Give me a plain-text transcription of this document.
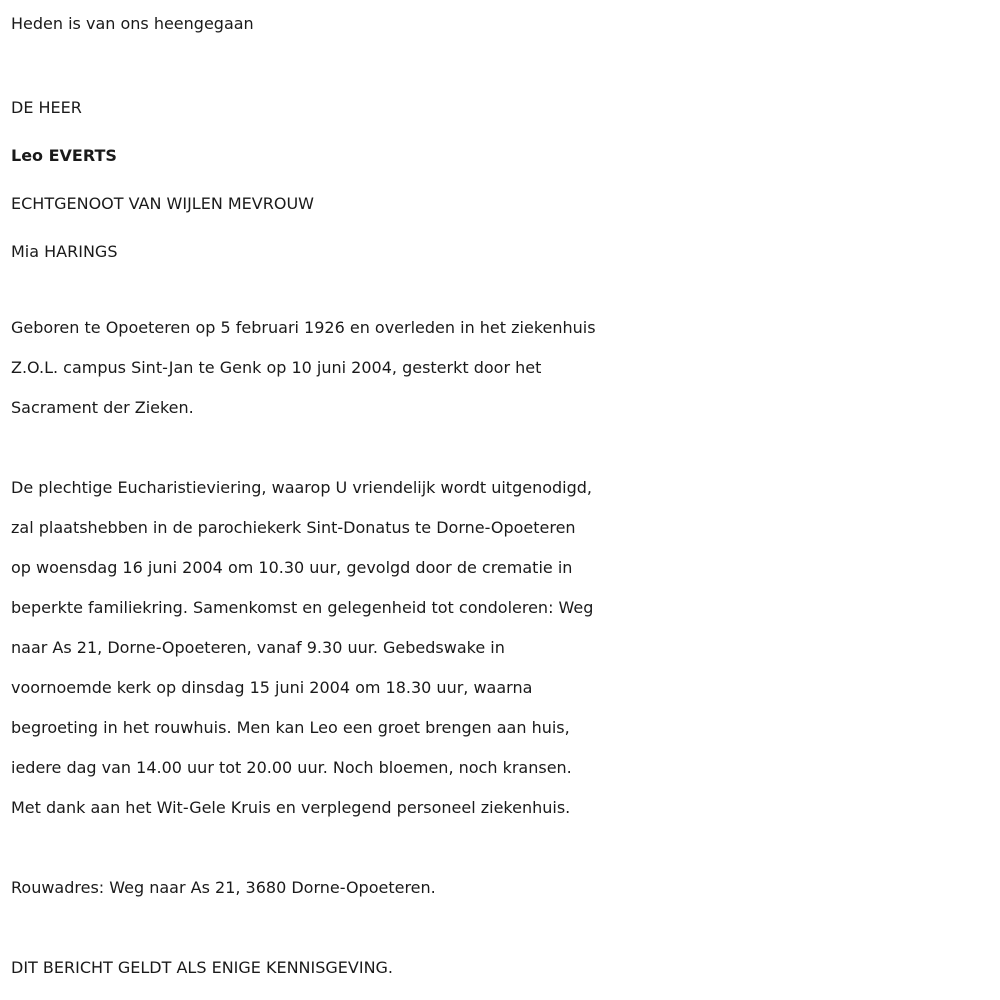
Heden is van ons heengegaan
DE HEER
Leo EVERTS
ECHTGENOOT VAN WIJLEN MEVROUW
Mia HARINGS
Geboren te Opoeteren op 5 februari 1926 en overleden in het ziekenhuis
Z.O.L. campus Sint-Jan te Genk op 10 juni 2004, gesterkt door het
Sacrament der Zieken.
De plechtige Eucharistieviering, waarop U vriendelijk wordt uitgenodigd,
zal plaatshebben in de parochiekerk Sint-Donatus te Dorne-Opoeteren
op woensdag 16 juni 2004 om 10.30 uur, gevolgd door de crematie in
beperkte familiekring. Samenkomst en gelegenheid tot condoleren: Weg
naar As 21, Dorne-Opoeteren, vanaf 9.30 uur. Gebedswake in
voornoemde kerk op dinsdag 15 juni 2004 om 18.30 uur, waarna
begroeting in het rouwhuis. Men kan Leo een groet brengen aan huis,
iedere dag van 14.00 uur tot 20.00 uur. Noch bloemen, noch kransen.
Met dank aan het Wit-Gele Kruis en verplegend personeel ziekenhuis.
Rouwadres: Weg naar As 21, 3680 Dorne-Opoeteren.
DIT BERICHT GELDT ALS ENIGE KENNISGEVING.
